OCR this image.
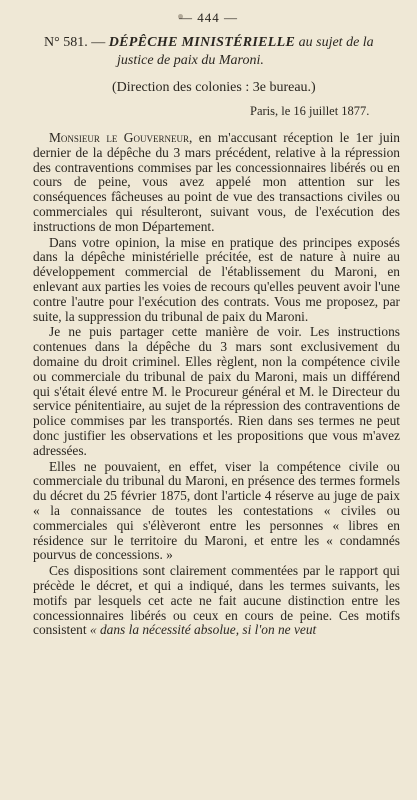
— 444 —
N° 581. — DÉPÊCHE MINISTÉRIELLE au sujet de la
justice de paix du Maroni.
(Direction des colonies : 3e bureau.)
Paris, le 16 juillet 1877.

Monsieur le Gouverneur, en m'accusant réception le 1er juin dernier de la dépêche du 3 mars précédent, relative à la répression des contraventions commises par les concessionnaires libérés ou en cours de peine, vous avez appelé mon attention sur les conséquences fâcheuses au point de vue des transactions civiles ou commerciales qui résulteront, suivant vous, de l'exécution des instructions de mon Département.

Dans votre opinion, la mise en pratique des principes exposés dans la dépêche ministérielle précitée, est de nature à nuire au développement commercial de l'établissement du Maroni, en enlevant aux parties les voies de recours qu'elles peuvent avoir l'une contre l'autre pour l'exécution des contrats. Vous me proposez, par suite, la suppression du tribunal de paix du Maroni.

Je ne puis partager cette manière de voir. Les instructions contenues dans la dépêche du 3 mars sont exclusivement du domaine du droit criminel. Elles règlent, non la compétence civile ou commerciale du tribunal de paix du Maroni, mais un différend qui s'était élevé entre M. le Procureur général et M. le Directeur du service pénitentiaire, au sujet de la répression des contraventions de police commises par les transportés. Rien dans ses termes ne peut donc justifier les observations et les propositions que vous m'avez adressées.

Elles ne pouvaient, en effet, viser la compétence civile ou commerciale du tribunal du Maroni, en présence des termes formels du décret du 25 février 1875, dont l'article 4 réserve au juge de paix « la connaissance de toutes les contestations « civiles ou commerciales qui s'élèveront entre les personnes « libres en résidence sur le territoire du Maroni, et entre les « condamnés pourvus de concessions. »

Ces dispositions sont clairement commentées par le rapport qui précède le décret, et qui a indiqué, dans les termes suivants, les motifs par lesquels cet acte ne fait aucune distinction entre les concessionnaires libérés ou ceux en cours de peine. Ces motifs consistent « dans la nécessité absolue, si l'on ne veut
